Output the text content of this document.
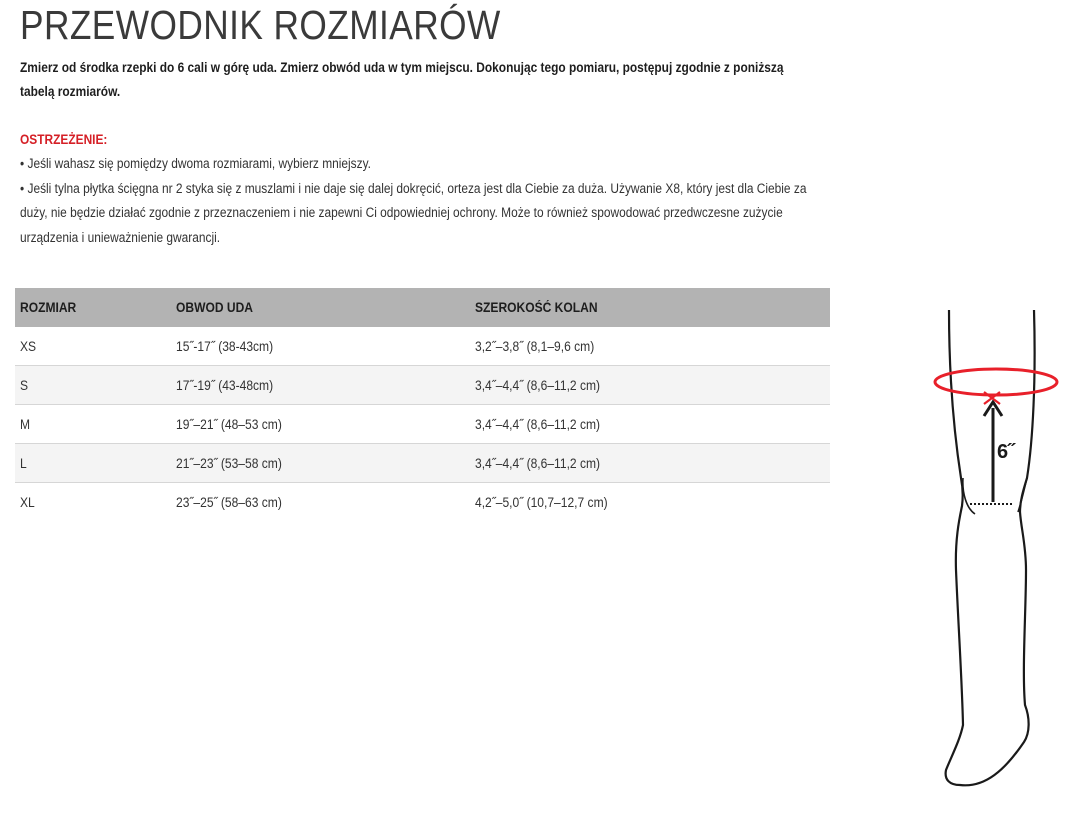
PRZEWODNIK ROZMIARÓW
Zmierz od środka rzepki do 6 cali w górę uda. Zmierz obwód uda w tym miejscu. Dokonując tego pomiaru, postępuj zgodnie z poniższą tabelą rozmiarów.
OSTRZEŻENIE:
• Jeśli wahasz się pomiędzy dwoma rozmiarami, wybierz mniejszy.
• Jeśli tylna płytka ścięgna nr 2 styka się z muszlami i nie daje się dalej dokręcić, orteza jest dla Ciebie za duża. Używanie X8, który jest dla Ciebie za duży, nie będzie działać zgodnie z przeznaczeniem i nie zapewni Ci odpowiedniej ochrony. Może to również spowodować przedwczesne zużycie urządzenia i unieważnienie gwarancji.
ROZMIAR	OBWOD UDA	SZEROKOŚĆ KOLAN
XS	15˝-17˝ (38-43cm)	3,2˝–3,8˝ (8,1–9,6 cm)
S	17˝-19˝ (43-48cm)	3,4˝–4,4˝ (8,6–11,2 cm)
M	19˝–21˝ (48–53 cm)	3,4˝–4,4˝ (8,6–11,2 cm)
L	21˝–23˝ (53–58 cm)	3,4˝–4,4˝ (8,6–11,2 cm)
XL	23˝–25˝ (58–63 cm)	4,2˝–5,0˝ (10,7–12,7 cm)
6˝
